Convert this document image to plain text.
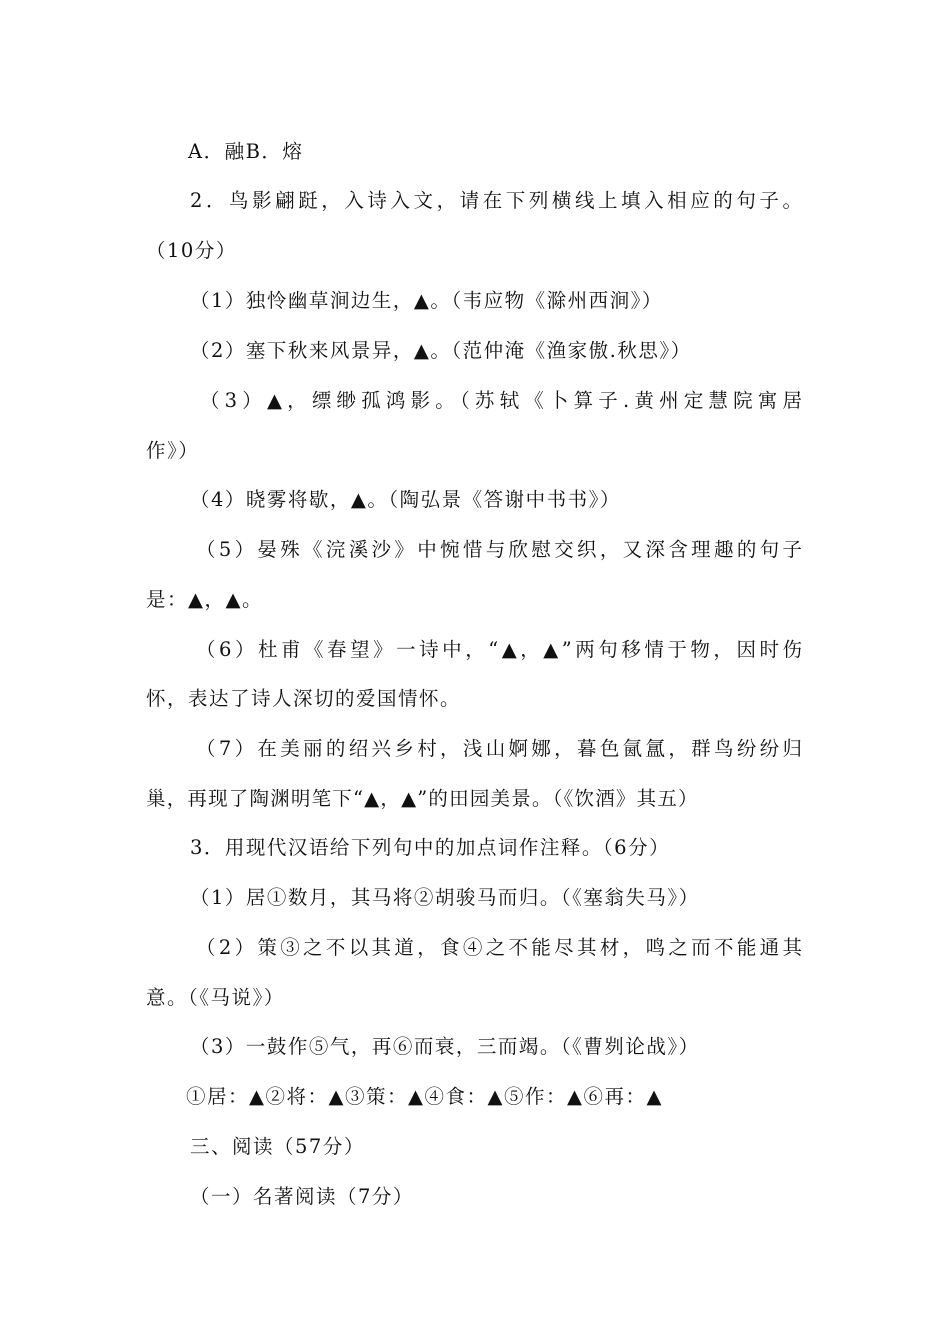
A．融B．熔
2．鸟影翩跹，入诗入文，请在下列横线上填入相应的句子。
（10分）
（1）独怜幽草涧边生，▲。（韦应物《滁州西涧》）
（2）塞下秋来风景异，▲。（范仲淹《渔家傲.秋思》）
（3）▲，缥缈孤鸿影。（苏轼《卜算子.黄州定慧院寓居
作》）
（4）晓雾将歇，▲。（陶弘景《答谢中书书》）
（5）晏殊《浣溪沙》中惋惜与欣慰交织，又深含理趣的句子
是：▲，▲。
（6）杜甫《春望》一诗中，“▲，▲”两句移情于物，因时伤
怀，表达了诗人深切的爱国情怀。
（7）在美丽的绍兴乡村，浅山婀娜，暮色氤氲，群鸟纷纷归
巢，再现了陶渊明笔下“▲，▲”的田园美景。（《饮酒》其五）
3．用现代汉语给下列句中的加点词作注释。（6分）
（1）居①数月，其马将②胡骏马而归。（《塞翁失马》）
（2）策③之不以其道，食④之不能尽其材，鸣之而不能通其
意。（《马说》）
（3）一鼓作⑤气，再⑥而衰，三而竭。（《曹刿论战》）
①居：▲②将：▲③策：▲④食：▲⑤作：▲⑥再：▲
三、阅读（57分）
（一）名著阅读（7分）
